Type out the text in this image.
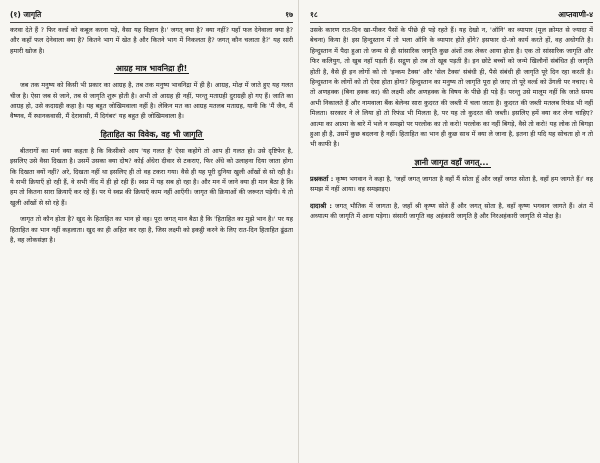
(१) जागृति	१७

करवा देते हैं ? फिर वर्ल्ड को कबूल करना पड़े, वैसा यह विज्ञान है।' जगत् क्या है? क्या नहीं? यहाँ फल देनेवाला क्या है? और कहाँ फल देनेवाला क्या है? कितने भाग में खेत है और कितने भाग में निकलता है? जगत् कौन चलाता है?' यह सारी हमारी खोज है।

आग्रह मात्र भावनिद्रा ही!

जब तक मनुष्य को किसी भी प्रकार का आग्रह है, तब तक मनुष्य भावनिद्रा में ही है। आग्रह, मोक्ष में जाते हुए यह गलत चीज है। ऐसा जब से जाने, तब से जागृति शुरू होती है। अभी तो आग्रह ही नहीं, परन्तु मताग्रही दुराग्रही हो गए हैं। जाति का आग्रह हो, उसे कदाग्रही कहा है। यह बहुत जोखिमवाला नहीं है। लेकिन मत का आग्रह मतलब मताग्रह, यानी कि 'मैं जैन, मैं वैष्णव, मैं स्थानकवासी, मैं देरावासी, मैं दिगंबर' यह बहुत ही जोखिमवाला है।

हिताहित का विवेक, वह भी जागृति

बीतरागों का मार्ग क्या कहता है कि किसीको आप 'यह गलत है' ऐसा कहोगे तो आप ही गलत हो। उसे दृष्टिफेर है, इसलिए उसे वैसा दिखता है। उसमें उसका क्या दोष? कोई अँधेरा दीवार से टकराए, फिर अँधे को उलाहना दिया जाता होगा कि दिखता क्यों नहीं? अरे, दिखता नहीं था इसलिए ही तो वह टकरा गया। वैसे ही यह पूरी दुनिया खुली आँखों से सो रही है। ये सभी क्रियाएँ हो रही हैं, वे सभी नींद में ही हो रही हैं। स्वप्न में यह सब हो रहा है। और मन में जाने क्या ही मान बैठा है कि हम तो कितना सारा क्रियाएँ कर रहे हैं। पर ये स्वप्न की क्रियाएँ काम नहीं आएँगी। जागृत की क्रियाओं की जरूरत पड़ेगी। ये तो खुली आँखों से सो रहे हैं।

जागृत तो कौन होता है? खुद के हिताहित का भान हो वह। पूरा जगत् मान बैठा है कि 'हिताहित का मुझे भान है।' पर यह हिताहित का भान नहीं कहलाता। खुद का ही अहित कर रहा है, जिस लक्ष्मी को इकट्ठी करने के लिए रात-दिन हिताहित ढूंढता है, वह लोकसंज्ञा है।

१८	आप्तवाणी-४

उसके कारण रात-दिन खा-पीकर पैसों के पीछे ही पड़े रहते हैं। यह देखो न, 'ऑनि' का व्यापार (मूल क्रोमत से ज्यादा में बेचना) किया है! इस हिन्दुस्तान में तो भला ऑनि के व्यापार होते होंगे? इसफार दो-जो कार्य करते हों, वह अधोगति है। हिन्दुस्तान में पैदा हुआ तो जन्म से ही सांसारिक जागृति कुछ अंशों तक लेकर आया होता है। एक तो सांसारिक जागृति और फिर कलियुग, तो खुब नहाँ पड़ती हैं। सद्गुण हो तब तो खूब पड़ती है। इन छोटे बच्चों को जन्मे खिलौनों संबंधित ही जागृति होती है, वैसे ही इन लोगों को तो 'इन्कम टैक्स' और 'सेल टैक्स' संबंधी ही, पैसे संबंधी ही जागृति पूरे दिन रहा करती है। हिन्दुस्तान के लोगों को तो ऐसा होता होगा? हिन्दुस्तान का मनुष्य तो जागृति पूरा हो जाए तो पूरे वर्ल्ड को उँगली पर नचाए। ये तो अणहक्क (बिना हक्क का) की लक्ष्मी और अणहक्क के विषय के पीछे ही पड़े हैं। परन्तु उसे मालूम नहीं कि जाते समय अभी निकालते हैं और नामवाला बैंक बेलेन्स सारा कुदरत की जब्ती में चला जाता है। कुदरत की जब्ती मतलब रिफंड भी नहीं मिलता। सरकार ने ले लिया हो तो रिफंड भी मिलता है, पर यह तो कुदरत की जब्ती। इसलिए हमें क्या कर लेना चाहिए? आत्मा का आत्मा के बारे में भले न समझो पर परलोक का तो करो! परलोक का नहीं बिगड़े, वैसे तो करो! यह लोक तो बिगड़ा हुआ ही है, उसमें कुछ बदलना है नहीं। हिताहित का भान ही कुछ साथ में क्या ले जाना है, इतना ही यदि यह सोचता हो न तो भी काफी है।

ज्ञानी जागृत वहाँ जगत्...

प्रश्नकर्ता : कृष्ण भगवान ने कहा है, 'जहाँ जगत् जागता है वहाँ मैं सोता हूँ और जहाँ जगत सोता है, वहाँ हम जागते हैं।' वह समझ में नहीं आया। वह समझाइए।

दादाश्री : जगत् भौतिक में जागता है, जहाँ श्री कृष्ण सोते हैं और जगत् सोता है, वहाँ कृष्ण भगवान जागते हैं। अंत में अध्यात्म की जागृति में आना पड़ेगा। संसारी जागृति वह अहंकारी जागृति है और निरअहंकारी जागृति से मोक्ष है।
